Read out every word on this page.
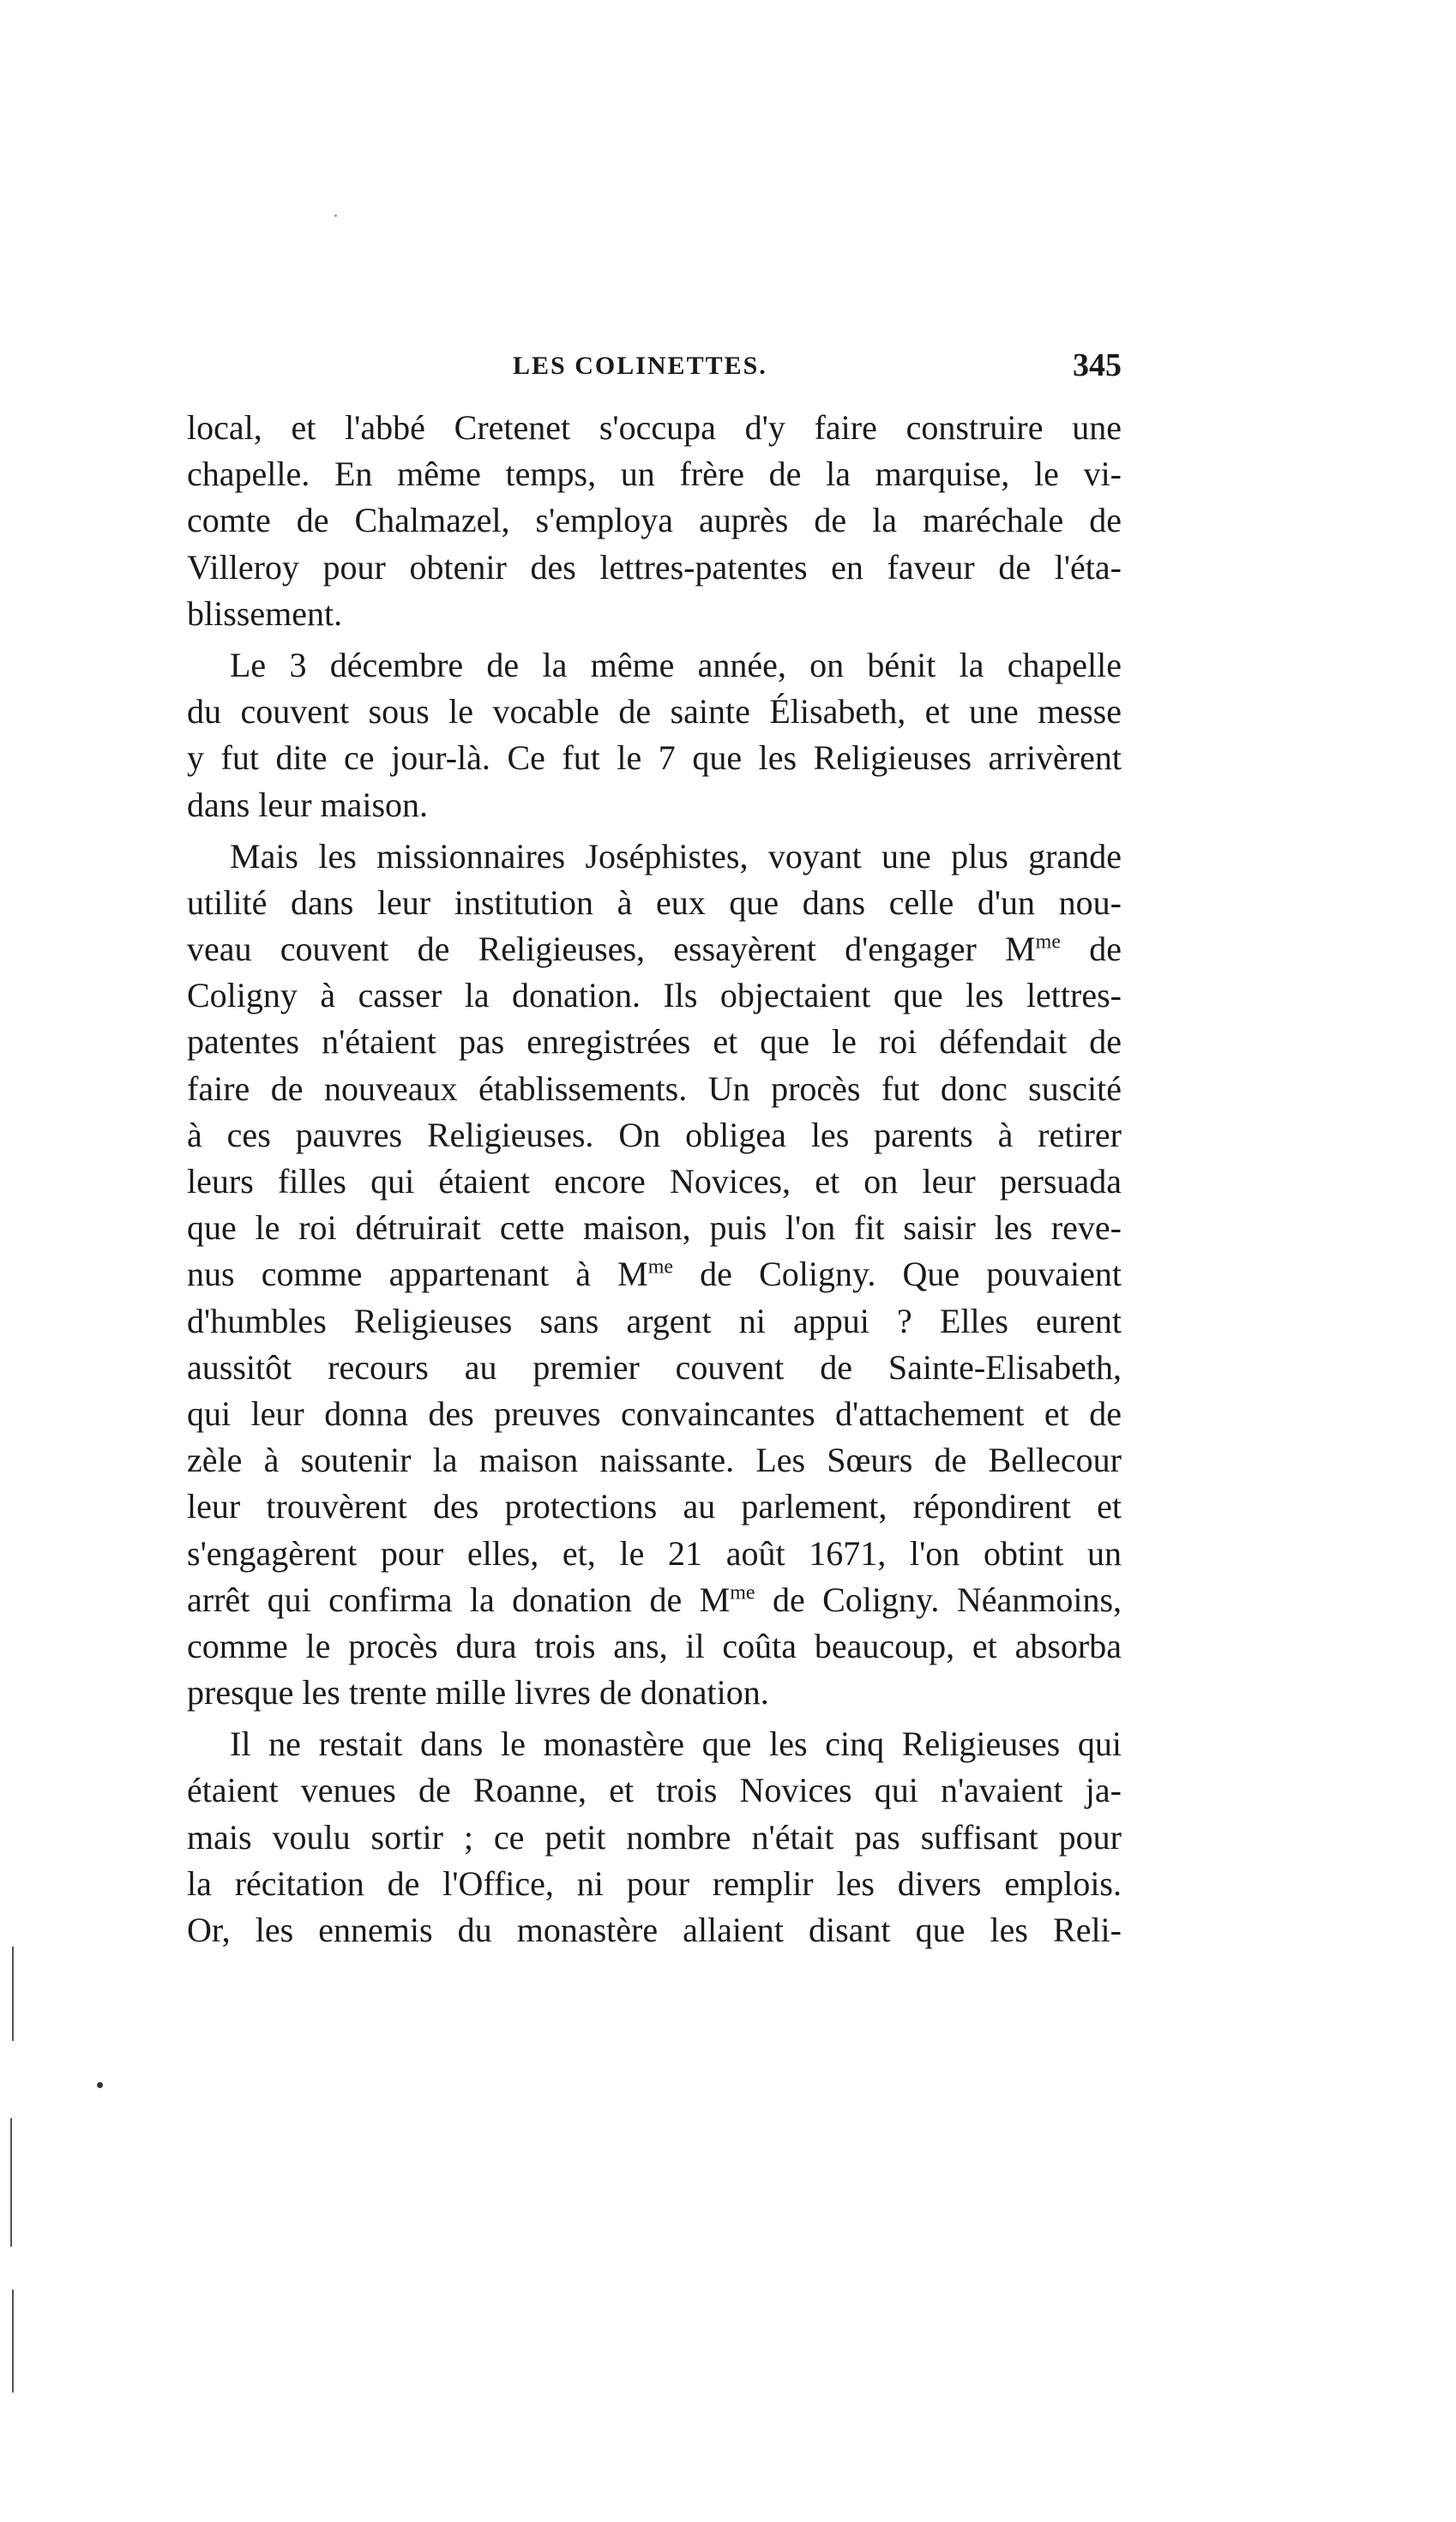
LES COLINETTES.	345
local, et l'abbé Cretenet s'occupa d'y faire construire une
chapelle. En même temps, un frère de la marquise, le vi-
comte de Chalmazel, s'employa auprès de la maréchale de
Villeroy pour obtenir des lettres-patentes en faveur de l'éta-
blissement.
Le 3 décembre de la même année, on bénit la chapelle
du couvent sous le vocable de sainte Élisabeth, et une messe
y fut dite ce jour-là. Ce fut le 7 que les Religieuses arrivèrent
dans leur maison.
Mais les missionnaires Joséphistes, voyant une plus grande
utilité dans leur institution à eux que dans celle d'un nou-
veau couvent de Religieuses, essayèrent d'engager $M^{me}$ de
Coligny à casser la donation. Ils objectaient que les lettres-
patentes n'étaient pas enregistrées et que le roi défendait de
faire de nouveaux établissements. Un procès fut donc suscité
à ces pauvres Religieuses. On obligea les parents à retirer
leurs filles qui étaient encore Novices, et on leur persuada
que le roi détruirait cette maison, puis l'on fit saisir les reve-
nus comme appartenant à $M^{me}$ de Coligny. Que pouvaient
d'humbles Religieuses sans argent ni appui ? Elles eurent
aussitôt recours au premier couvent de Sainte-Elisabeth,
qui leur donna des preuves convaincantes d'attachement et de
zèle à soutenir la maison naissante. Les Sœurs de Bellecour
leur trouvèrent des protections au parlement, répondirent et
s'engagèrent pour elles, et, le 21 août 1671, l'on obtint un
arrêt qui confirma la donation de $M^{me}$ de Coligny. Néanmoins,
comme le procès dura trois ans, il coûta beaucoup, et absorba
presque les trente mille livres de donation.
Il ne restait dans le monastère que les cinq Religieuses qui
étaient venues de Roanne, et trois Novices qui n'avaient ja-
mais voulu sortir ; ce petit nombre n'était pas suffisant pour
la récitation de l'Office, ni pour remplir les divers emplois.
Or, les ennemis du monastère allaient disant que les Reli-
